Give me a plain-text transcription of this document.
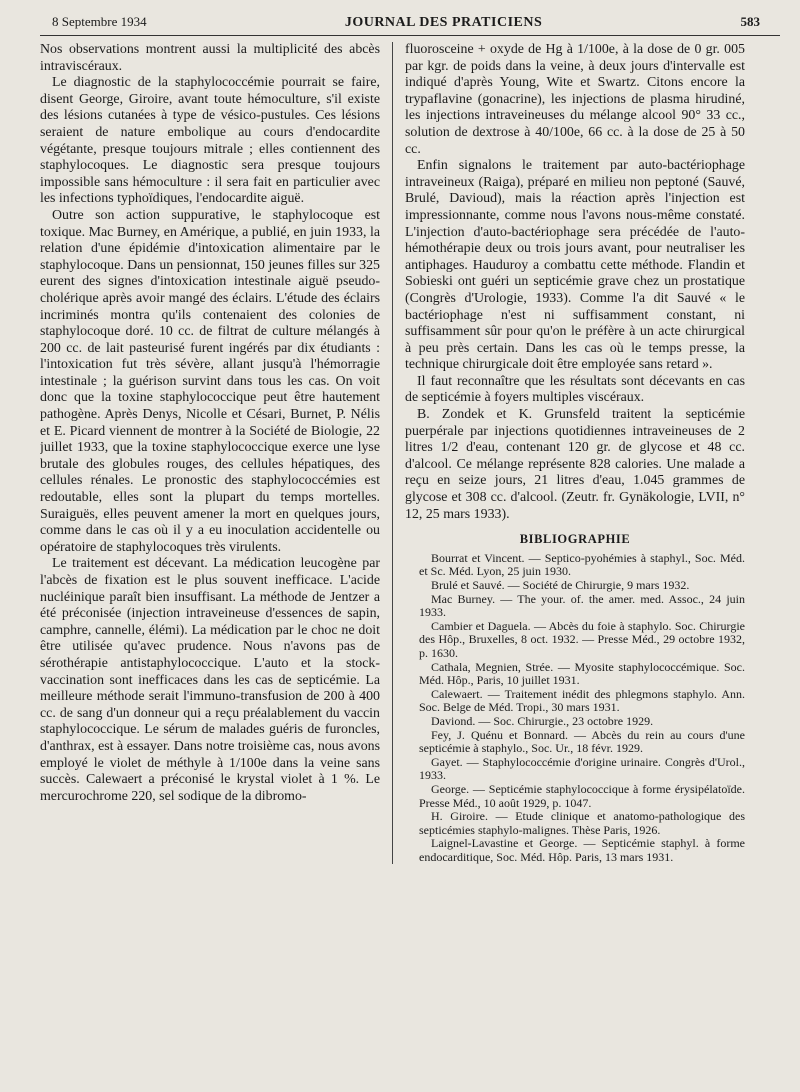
8 Septembre 1934	JOURNAL DES PRATICIENS	583

Nos observations montrent aussi la multiplicité des abcès intraviscéraux.

Le diagnostic de la staphylococcémie pourrait se faire, disent George, Giroire, avant toute hémoculture, s'il existe des lésions cutanées à type de vésico-pustules. Ces lésions seraient de nature embolique au cours d'endocardite végétante, presque toujours mitrale ; elles contiennent des staphylocoques. Le diagnostic sera presque toujours impossible sans hémoculture : il sera fait en particulier avec les infections typhoïdiques, l'endocardite aiguë.

Outre son action suppurative, le staphylocoque est toxique. Mac Burney, en Amérique, a publié, en juin 1933, la relation d'une épidémie d'intoxication alimentaire par le staphylocoque. Dans un pensionnat, 150 jeunes filles sur 325 eurent des signes d'intoxication intestinale aiguë pseudo-cholérique après avoir mangé des éclairs. L'étude des éclairs incriminés montra qu'ils contenaient des colonies de staphylocoque doré. 10 cc. de filtrat de culture mélangés à 200 cc. de lait pasteurisé furent ingérés par dix étudiants : l'intoxication fut très sévère, allant jusqu'à l'hémorragie intestinale ; la guérison survint dans tous les cas. On voit donc que la toxine staphylococcique peut être hautement pathogène. Après Denys, Nicolle et Césari, Burnet, P. Nélis et E. Picard viennent de montrer à la Société de Biologie, 22 juillet 1933, que la toxine staphylococcique exerce une lyse brutale des globules rouges, des cellules hépatiques, des cellules rénales. Le pronostic des staphylococcémies est redoutable, elles sont la plupart du temps mortelles. Suraiguës, elles peuvent amener la mort en quelques jours, comme dans le cas où il y a eu inoculation accidentelle ou opératoire de staphylocoques très virulents.

Le traitement est décevant. La médication leucogène par l'abcès de fixation est le plus souvent inefficace. L'acide nucléinique paraît bien insuffisant. La méthode de Jentzer a été préconisée (injection intraveineuse d'essences de sapin, camphre, cannelle, élémi). La médication par le choc ne doit être utilisée qu'avec prudence. Nous n'avons pas de sérothérapie antistaphylococcique. L'auto et la stock-vaccination sont inefficaces dans les cas de septicémie. La meilleure méthode serait l'immuno-transfusion de 200 à 400 cc. de sang d'un donneur qui a reçu préalablement du vaccin staphylococcique. Le sérum de malades guéris de furoncles, d'anthrax, est à essayer. Dans notre troisième cas, nous avons employé le violet de méthyle à 1/100e dans la veine sans succès. Calewaert a préconisé le krystal violet à 1 %. Le mercurochrome 220, sel sodique de la dibromo-

fluorosceine + oxyde de Hg à 1/100e, à la dose de 0 gr. 005 par kgr. de poids dans la veine, à deux jours d'intervalle est indiqué d'après Young, Wite et Swartz. Citons encore la trypaflavine (gonacrine), les injections de plasma hirudiné, les injections intraveineuses du mélange alcool 90° 33 cc., solution de dextrose à 40/100e, 66 cc. à la dose de 25 à 50 cc.

Enfin signalons le traitement par auto-bactériophage intraveineux (Raiga), préparé en milieu non peptoné (Sauvé, Brulé, Davioud), mais la réaction après l'injection est impressionnante, comme nous l'avons nous-même constaté. L'injection d'auto-bactériophage sera précédée de l'auto-hémothérapie deux ou trois jours avant, pour neutraliser les antiphages. Hauduroy a combattu cette méthode. Flandin et Sobieski ont guéri un septicémie grave chez un prostatique (Congrès d'Urologie, 1933). Comme l'a dit Sauvé « le bactériophage n'est ni suffisamment constant, ni suffisamment sûr pour qu'on le préfère à un acte chirurgical à peu près certain. Dans les cas où le temps presse, la technique chirurgicale doit être employée sans retard ».

Il faut reconnaître que les résultats sont décevants en cas de septicémie à foyers multiples viscéraux.

B. Zondek et K. Grunsfeld traitent la septicémie puerpérale par injections quotidiennes intraveineuses de 2 litres 1/2 d'eau, contenant 120 gr. de glycose et 48 cc. d'alcool. Ce mélange représente 828 calories. Une malade a reçu en seize jours, 21 litres d'eau, 1.045 grammes de glycose et 308 cc. d'alcool. (Zeutr. fr. Gynäkologie, LVII, n° 12, 25 mars 1933).

BIBLIOGRAPHIE

Bourrat et Vincent. — Septico-pyohémies à staphyl., Soc. Méd. et Sc. Méd. Lyon, 25 juin 1930.

Brulé et Sauvé. — Société de Chirurgie, 9 mars 1932.

Mac Burney. — The your. of. the amer. med. Assoc., 24 juin 1933.

Cambier et Daguela. — Abcès du foie à staphylo. Soc. Chirurgie des Hôp., Bruxelles, 8 oct. 1932. — Presse Méd., 29 octobre 1932, p. 1630.

Cathala, Megnien, Strée. — Myosite staphylococcémique. Soc. Méd. Hôp., Paris, 10 juillet 1931.

Calewaert. — Traitement inédit des phlegmons staphylo. Ann. Soc. Belge de Méd. Tropi., 30 mars 1931.

Daviond. — Soc. Chirurgie., 23 octobre 1929.

Fey, J. Quénu et Bonnard. — Abcès du rein au cours d'une septicémie à staphylo., Soc. Ur., 18 févr. 1929.

Gayet. — Staphylococcémie d'origine urinaire. Congrès d'Urol., 1933.

George. — Septicémie staphylococcique à forme érysipélatoïde. Presse Méd., 10 août 1929, p. 1047.

H. Giroire. — Etude clinique et anatomo-pathologique des septicémies staphylo-malignes. Thèse Paris, 1926.

Laignel-Lavastine et George. — Septicémie staphyl. à forme endocarditique, Soc. Méd. Hôp. Paris, 13 mars 1931.
